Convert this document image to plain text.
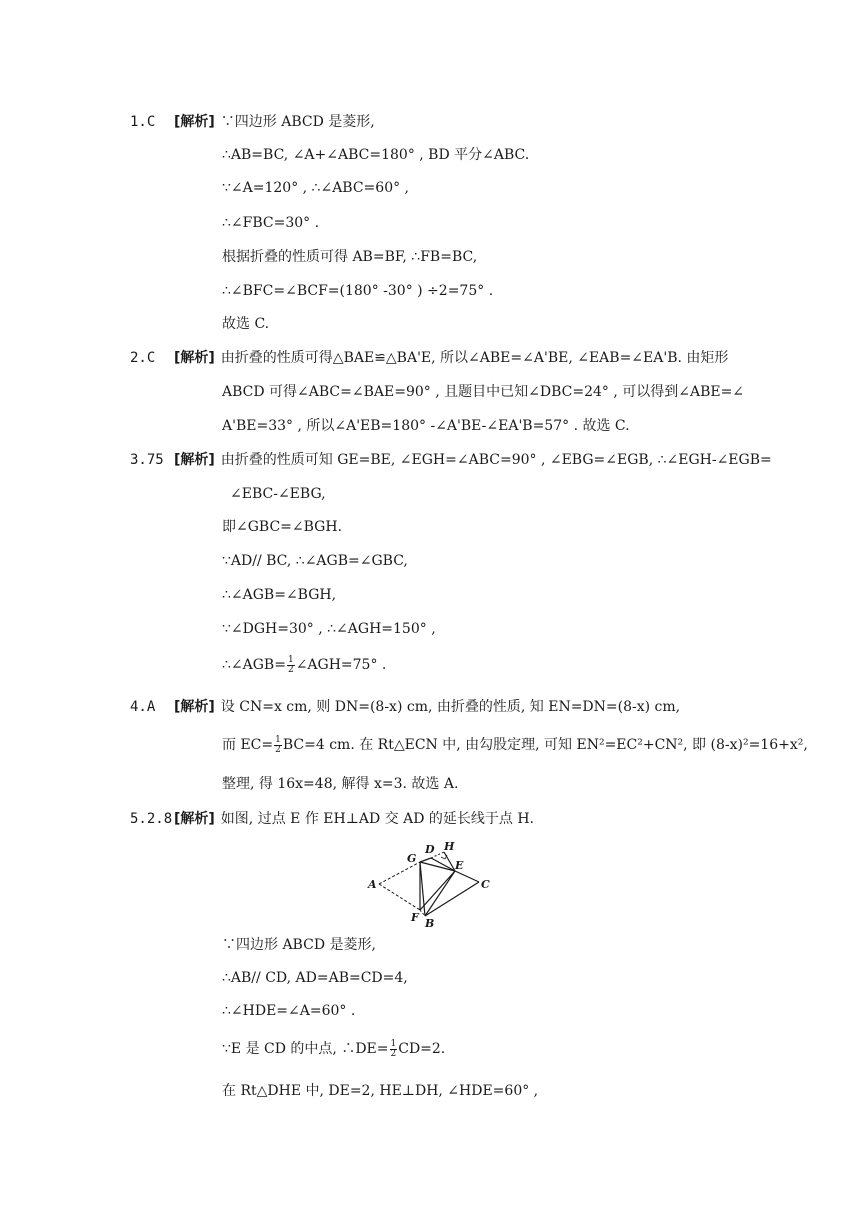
1.C [解析] ∵四边形 ABCD 是菱形,
∴AB=BC, ∠A+∠ABC=180° , BD 平分∠ABC.
∵∠A=120° , ∴∠ABC=60° ,
∴∠FBC=30° .
根据折叠的性质可得 AB=BF, ∴FB=BC,
∴∠BFC=∠BCF=(180° -30° ) ÷2=75° .
故选 C.
2.C [解析] 由折叠的性质可得△BAE≌△BA'E, 所以∠ABE=∠A'BE, ∠EAB=∠EA'B. 由矩形
ABCD 可得∠ABC=∠BAE=90° , 且题目中已知∠DBC=24° , 可以得到∠ABE=∠
A'BE=33° , 所以∠A'EB=180° -∠A'BE-∠EA'B=57° . 故选 C.
3.75 [解析] 由折叠的性质可知 GE=BE, ∠EGH=∠ABC=90° , ∠EBG=∠EGB, ∴∠EGH-∠EGB=
∠EBC-∠EBG,
即∠GBC=∠BGH.
∵AD// BC, ∴∠AGB=∠GBC,
∴∠AGB=∠BGH,
∵∠DGH=30° , ∴∠AGH=150° ,
∴∠AGB= $\frac{1}{2}$ ∠AGH=75° .
4.A [解析] 设 CN=x cm, 则 DN=(8-x) cm, 由折叠的性质, 知 EN=DN=(8-x) cm,
而 $EC= \frac{1}{2} BC=4$ cm. 在 Rt△ECN 中, 由勾股定理, 可知 EN²=EC²+CN², 即 (8-x)²=16+x²,
整理, 得 16x=48, 解得 x=3. 故选 A.
5.2.8 [解析] 如图, 过点 E 作 EH⊥AD 交 AD 的延长线于点 H.
A
G
D H
E
C
F B
∵四边形 ABCD 是菱形,
∴AB// CD, AD=AB=CD=4,
∴∠HDE=∠A=60° .
∵E 是 CD 的中点, ∴DE= $\frac{1}{2} CD=2$.
在 Rt△DHE 中, DE=2, HE⊥DH, ∠HDE=60° ,
